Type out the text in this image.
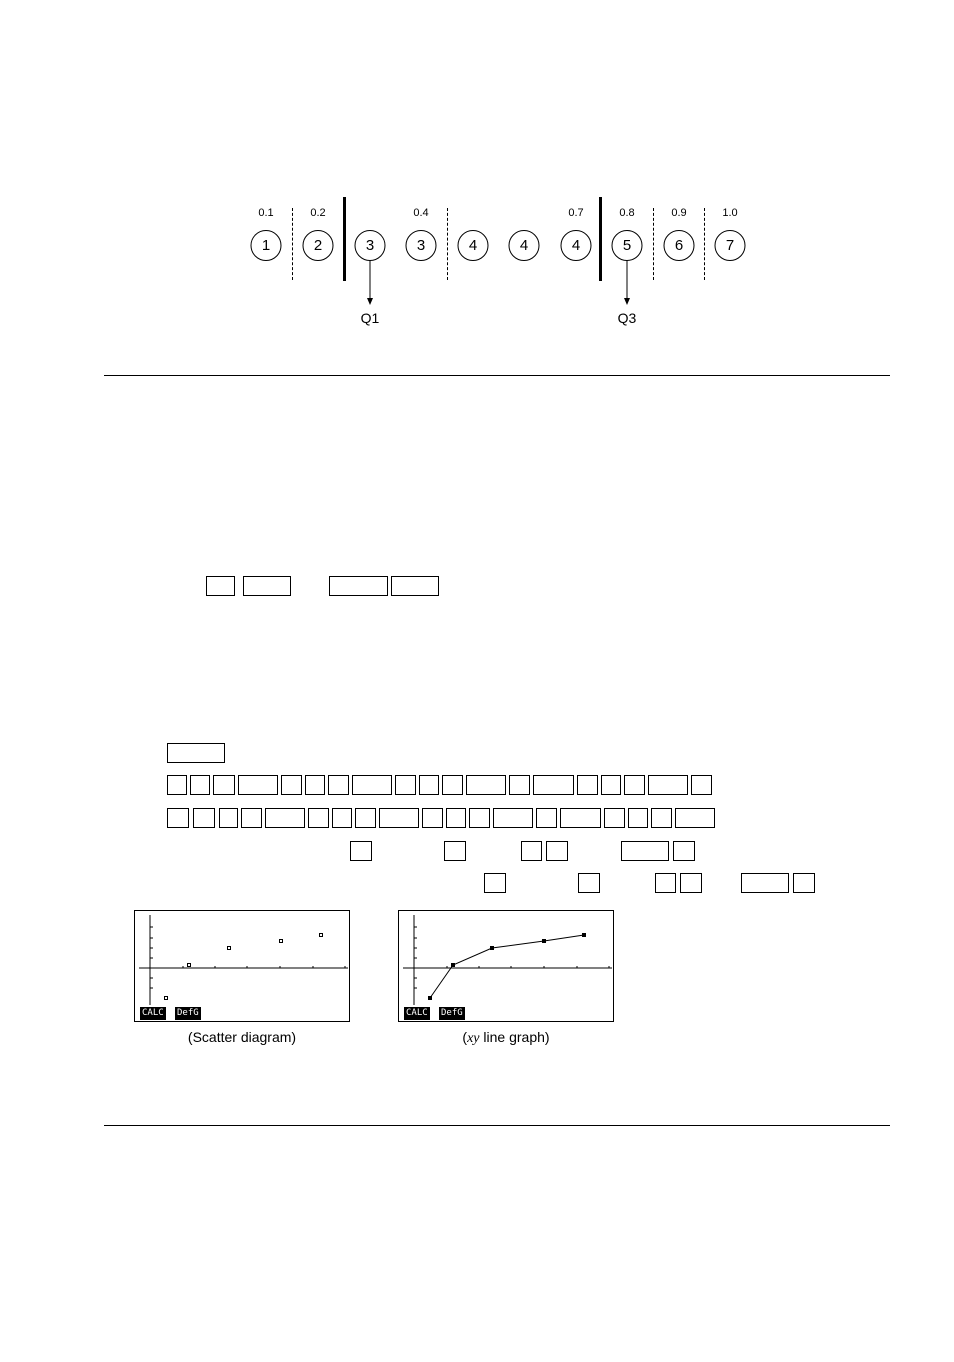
0.1	0.2	0.4	0.7	0.8	0.9	1.0
1	2	3	3	4	4	4	5	6	7
Q1	Q3
CALC DefG
(Scatter diagram)
CALC DefG
(xy line graph)
